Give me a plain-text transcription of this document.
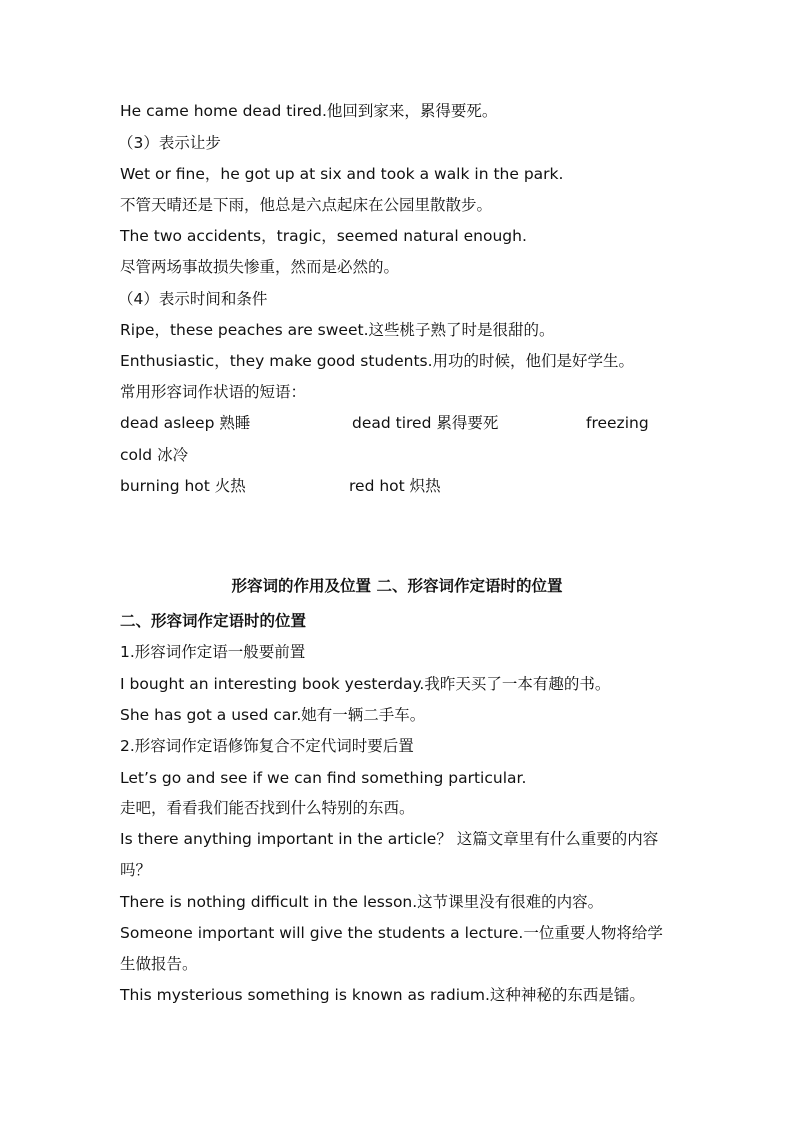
He came home dead tired.他回到家来，累得要死。
（3）表示让步
Wet or fine，he got up at six and took a walk in the park.
不管天晴还是下雨，他总是六点起床在公园里散散步。
The two accidents，tragic，seemed natural enough.
尽管两场事故损失惨重，然而是必然的。
（4）表示时间和条件
Ripe，these peaches are sweet.这些桃子熟了时是很甜的。
Enthusiastic，they make good students.用功的时候，他们是好学生。
常用形容词作状语的短语：
dead asleep 熟睡	dead tired 累得要死	freezing
cold 冰冷
burning hot 火热	red hot 炽热
形容词的作用及位置 二、形容词作定语时的位置
二、形容词作定语时的位置
1.形容词作定语一般要前置
I bought an interesting book yesterday.我昨天买了一本有趣的书。
She has got a used car.她有一辆二手车。
2.形容词作定语修饰复合不定代词时要后置
Let’s go and see if we can find something particular.
走吧，看看我们能否找到什么特别的东西。
Is there anything important in the article？ 这篇文章里有什么重要的内容
吗？
There is nothing difficult in the lesson.这节课里没有很难的内容。
Someone important will give the students a lecture.一位重要人物将给学
生做报告。
This mysterious something is known as radium.这种神秘的东西是镭。
